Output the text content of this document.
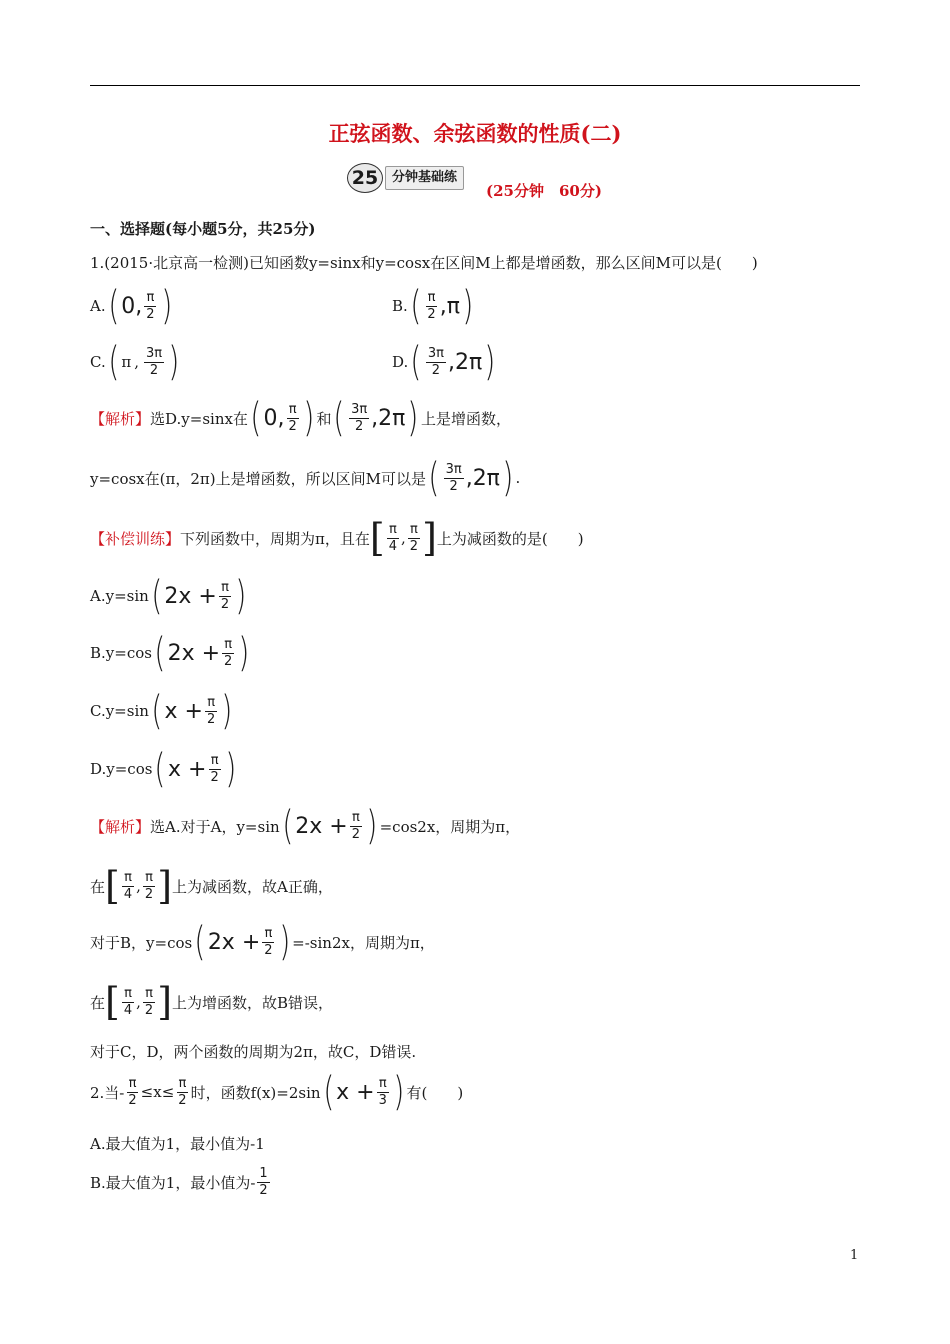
正弦函数、余弦函数的性质(二)
25	分钟基础练
(25分钟　60分)
一、选择题(每小题5分，共25分)
1.(2015·北京高一检测)已知函数y=sinx和y=cosx在区间M上都是增函数，那么区间M可以是(　　)
A. ( 0 , $\frac{\pi}{2}$ )	B. ( $\frac{\pi}{2}$ , π )
C. ( π , $\frac{3\pi}{2}$ )	D. ( $\frac{3\pi}{2}$ , 2π )
【解析】 选D.y=sinx在 ( 0 , $\frac{\pi}{2}$ ) 和 ( $\frac{3\pi}{2}$ , 2π ) 上是增函数，
y=cosx在(π，2π)上是增函数，所以区间M可以是 ( $\frac{3\pi}{2}$ , 2π ) .
【补偿训练】 下列函数中，周期为π，且在 [ $\frac{\pi}{4}$ , $\frac{\pi}{2}$ ] 上为减函数的是(　　)
A.y=sin ( $2x + \frac{\pi}{2}$ )
B.y=cos ( $2x + \frac{\pi}{2}$ )
C.y=sin ( $x + \frac{\pi}{2}$ )
D.y=cos ( $x + \frac{\pi}{2}$ )
【解析】 选A.对于A，y=sin ( $2x + \frac{\pi}{2}$ ) =cos2x，周期为π，
在 [ $\frac{\pi}{4}$ , $\frac{\pi}{2}$ ] 上为减函数，故A正确，
对于B，y=cos ( $2x + \frac{\pi}{2}$ ) =-sin2x，周期为π，
在 [ $\frac{\pi}{4}$ , $\frac{\pi}{2}$ ] 上为增函数，故B错误，
对于C，D，两个函数的周期为2π，故C，D错误.
2.当- $\frac{\pi}{2} \le x\le \frac{\pi}{2}$ 时，函数f(x)=2sin ( $x + \frac{\pi}{3}$ ) 有(　　)
A.最大值为1，最小值为-1
B.最大值为1，最小值为- $\frac{1}{2}$
1
